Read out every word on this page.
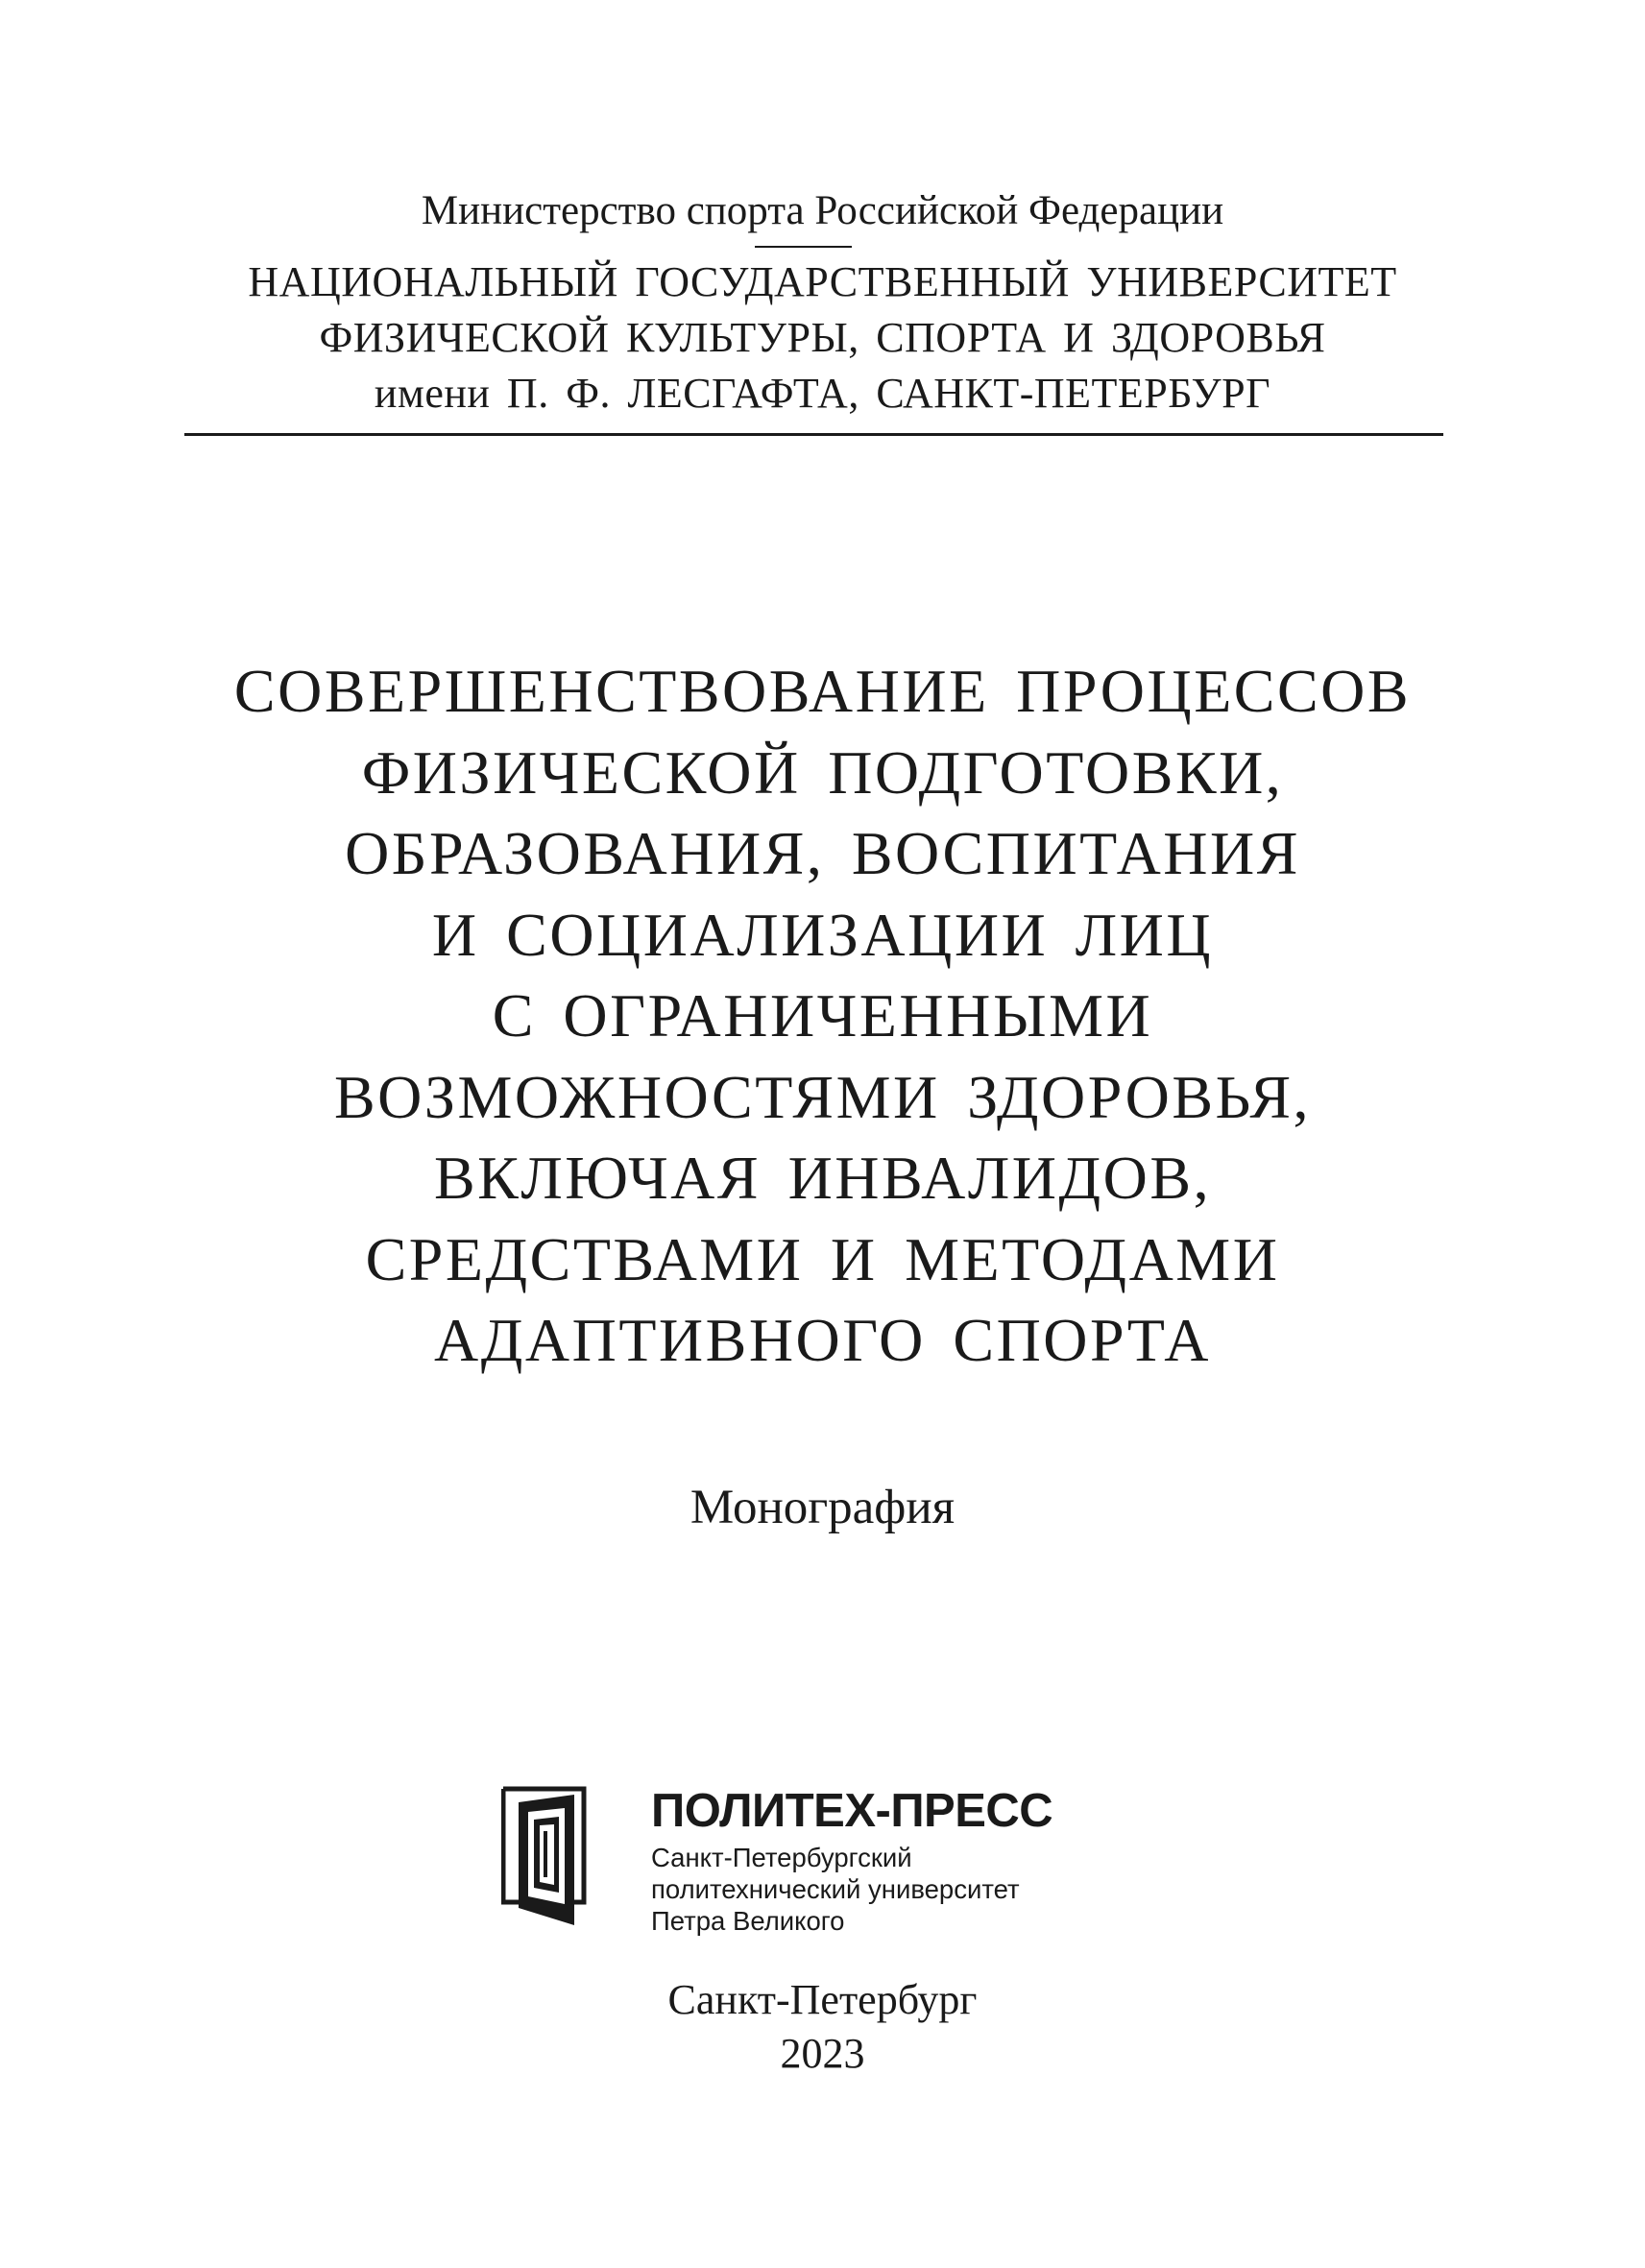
Министерство спорта Российской Федерации
НАЦИОНАЛЬНЫЙ ГОСУДАРСТВЕННЫЙ УНИВЕРСИТЕТ
ФИЗИЧЕСКОЙ КУЛЬТУРЫ, СПОРТА И ЗДОРОВЬЯ
имени П. Ф. ЛЕСГАФТА, САНКТ-ПЕТЕРБУРГ
СОВЕРШЕНСТВОВАНИЕ ПРОЦЕССОВ
ФИЗИЧЕСКОЙ ПОДГОТОВКИ,
ОБРАЗОВАНИЯ, ВОСПИТАНИЯ
И СОЦИАЛИЗАЦИИ ЛИЦ
С ОГРАНИЧЕННЫМИ
ВОЗМОЖНОСТЯМИ ЗДОРОВЬЯ,
ВКЛЮЧАЯ ИНВАЛИДОВ,
СРЕДСТВАМИ И МЕТОДАМИ
АДАПТИВНОГО СПОРТА
Монография
ПОЛИТЕХ-ПРЕСС
Санкт-Петербургский
политехнический университет
Петра Великого
Санкт-Петербург
2023
